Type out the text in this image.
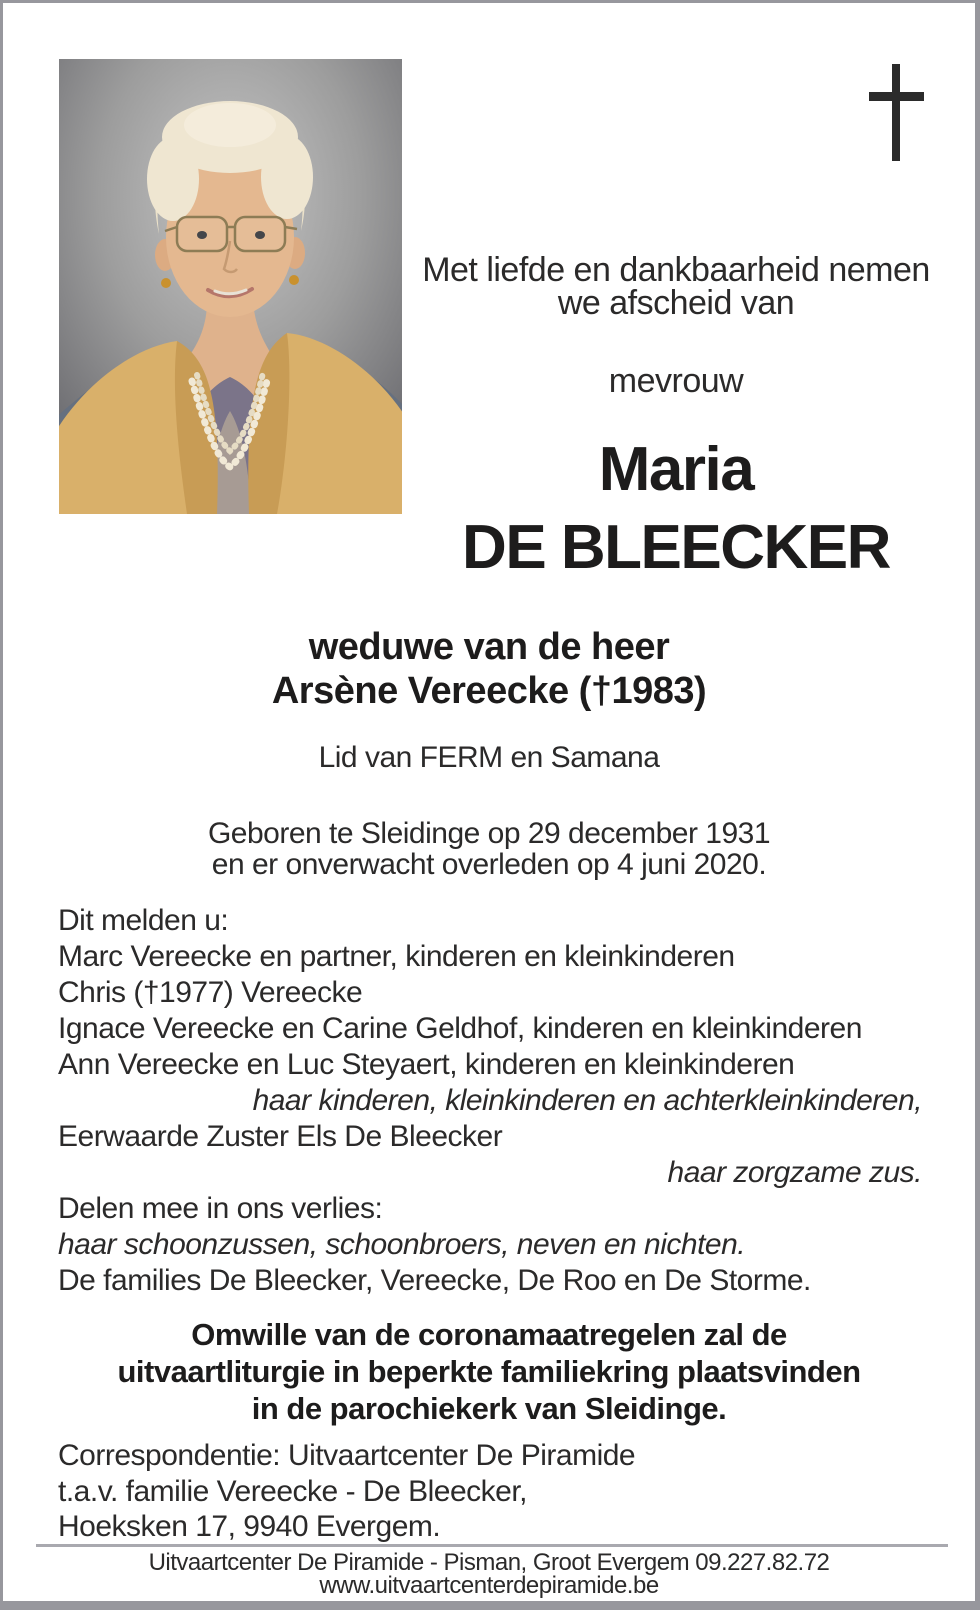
Met liefde en dankbaarheid nemen
we afscheid van
mevrouw
Maria
DE BLEECKER
weduwe van de heer
Arsène Vereecke (†1983)
Lid van FERM en Samana
Geboren te Sleidinge op 29 december 1931
en er onverwacht overleden op 4 juni 2020.
Dit melden u:
Marc Vereecke en partner, kinderen en kleinkinderen
Chris (†1977) Vereecke
Ignace Vereecke en Carine Geldhof, kinderen en kleinkinderen
Ann Vereecke en Luc Steyaert, kinderen en kleinkinderen
haar kinderen, kleinkinderen en achterkleinkinderen,
Eerwaarde Zuster Els De Bleecker
haar zorgzame zus.
Delen mee in ons verlies:
haar schoonzussen, schoonbroers, neven en nichten.
De families De Bleecker, Vereecke, De Roo en De Storme.
Omwille van de coronamaatregelen zal de
uitvaartliturgie in beperkte familiekring plaatsvinden
in de parochiekerk van Sleidinge.
Correspondentie: Uitvaartcenter De Piramide
t.a.v. familie Vereecke - De Bleecker,
Hoeksken 17, 9940 Evergem.
Uitvaartcenter De Piramide - Pisman, Groot Evergem 09.227.82.72
www.uitvaartcenterdepiramide.be
